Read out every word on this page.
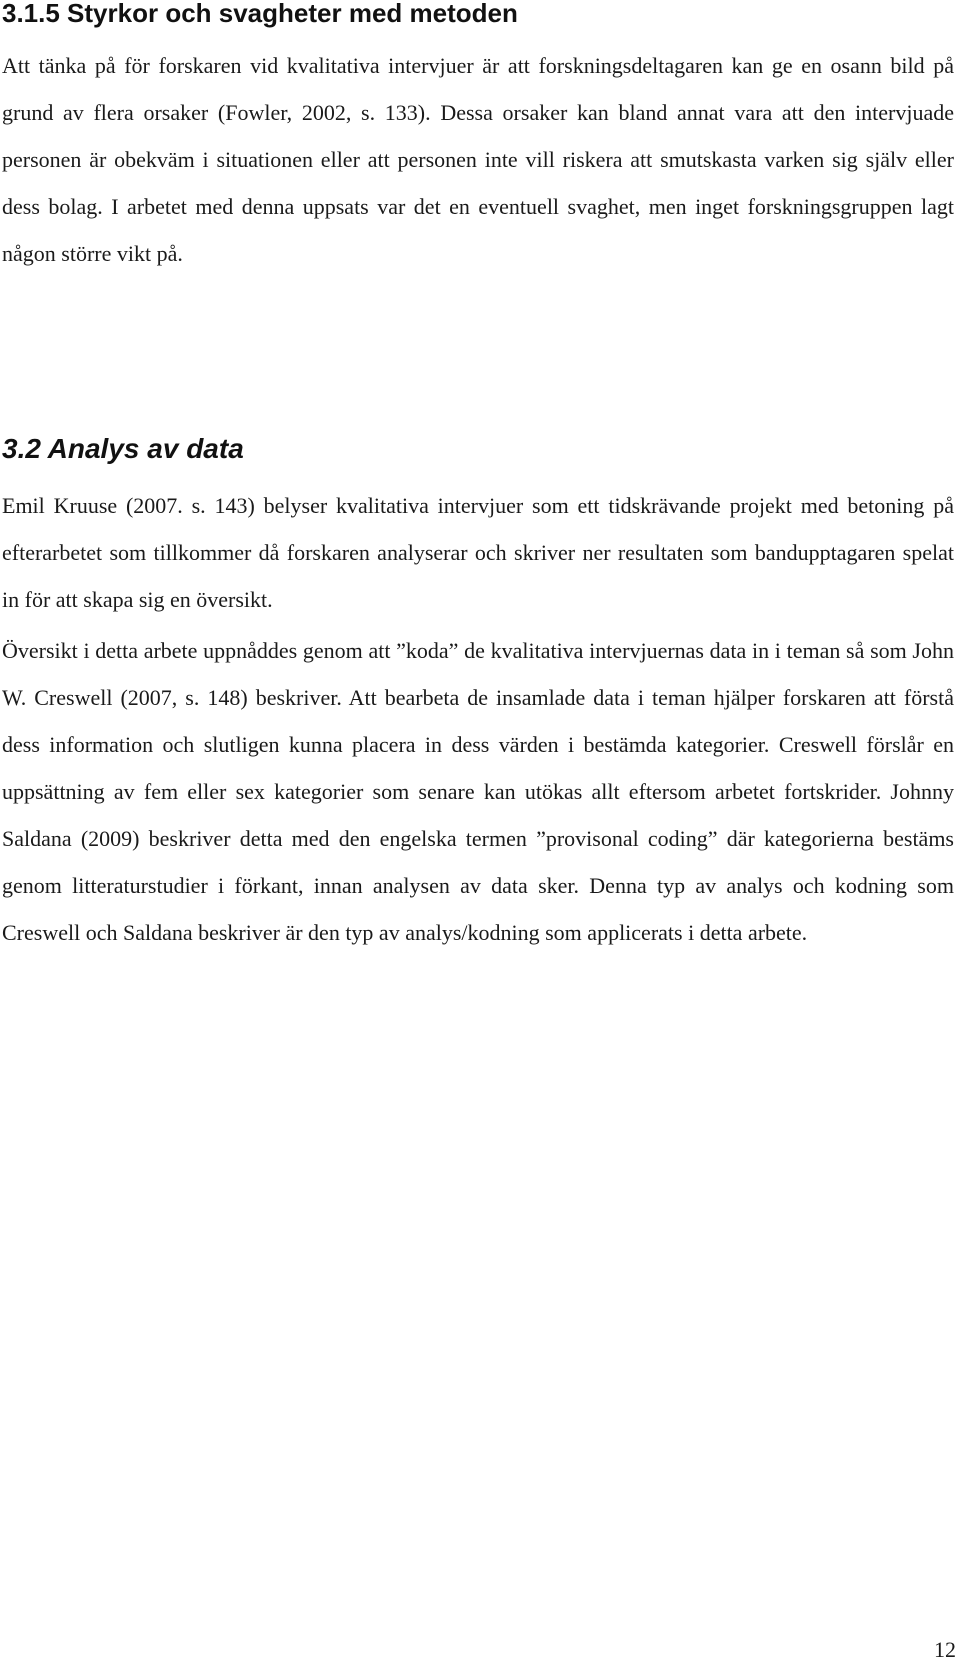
3.1.5 Styrkor och svagheter med metoden

Att tänka på för forskaren vid kvalitativa intervjuer är att forskningsdeltagaren kan ge en osann bild på grund av flera orsaker (Fowler, 2002, s. 133). Dessa orsaker kan bland annat vara att den intervjuade personen är obekväm i situationen eller att personen inte vill riskera att smutskasta varken sig själv eller dess bolag. I arbetet med denna uppsats var det en eventuell svaghet, men inget forskningsgruppen lagt någon större vikt på.

3.2 Analys av data

Emil Kruuse (2007. s. 143) belyser kvalitativa intervjuer som ett tidskrävande projekt med betoning på efterarbetet som tillkommer då forskaren analyserar och skriver ner resultaten som bandupptagaren spelat in för att skapa sig en översikt.

Översikt i detta arbete uppnåddes genom att ”koda” de kvalitativa intervjuernas data in i teman så som John W. Creswell (2007, s. 148) beskriver. Att bearbeta de insamlade data i teman hjälper forskaren att förstå dess information och slutligen kunna placera in dess värden i bestämda kategorier. Creswell förslår en uppsättning av fem eller sex kategorier som senare kan utökas allt eftersom arbetet fortskrider. Johnny Saldana (2009) beskriver detta med den engelska termen ”provisonal coding” där kategorierna bestäms genom litteraturstudier i förkant, innan analysen av data sker. Denna typ av analys och kodning som Creswell och Saldana beskriver är den typ av analys/kodning som applicerats i detta arbete.

12
